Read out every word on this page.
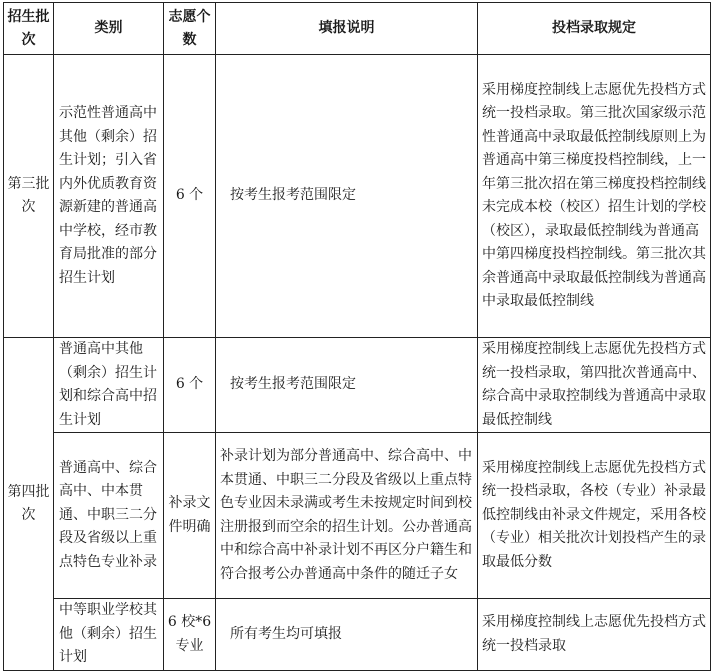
招生批次	类别	志愿个数	填报说明	投档录取规定
第三批次	示范性普通高中其他（剩余）招生计划；引入省内外优质教育资源新建的普通高中学校，经市教育局批准的部分招生计划	6 个	按考生报考范围限定	采用梯度控制线上志愿优先投档方式统一投档录取。第三批次国家级示范性普通高中录取最低控制线原则上为普通高中第三梯度投档控制线，上一年第三批次招在第三梯度投档控制线未完成本校（校区）招生计划的学校（校区），录取最低控制线为普通高中第四梯度投档控制线。第三批次其余普通高中录取最低控制线为普通高中录取最低控制线
第四批次	普通高中其他（剩余）招生计划和综合高中招生计划	6 个	按考生报考范围限定	采用梯度控制线上志愿优先投档方式统一投档录取，第四批次普通高中、综合高中录取控制线为普通高中录取最低控制线
	普通高中、综合高中、中本贯通、中职三二分段及省级以上重点特色专业补录	补录文件明确	补录计划为部分普通高中、综合高中、中本贯通、中职三二分段及省级以上重点特色专业因未录满或考生未按规定时间到校注册报到而空余的招生计划。公办普通高中和综合高中补录计划不再区分户籍生和符合报考公办普通高中条件的随迁子女	采用梯度控制线上志愿优先投档方式统一投档录取，各校（专业）补录最低控制线由补录文件规定，采用各校（专业）相关批次计划投档产生的录取最低分数
	中等职业学校其他（剩余）招生计划	6 校*6 专业	所有考生均可填报	采用梯度控制线上志愿优先投档方式统一投档录取
